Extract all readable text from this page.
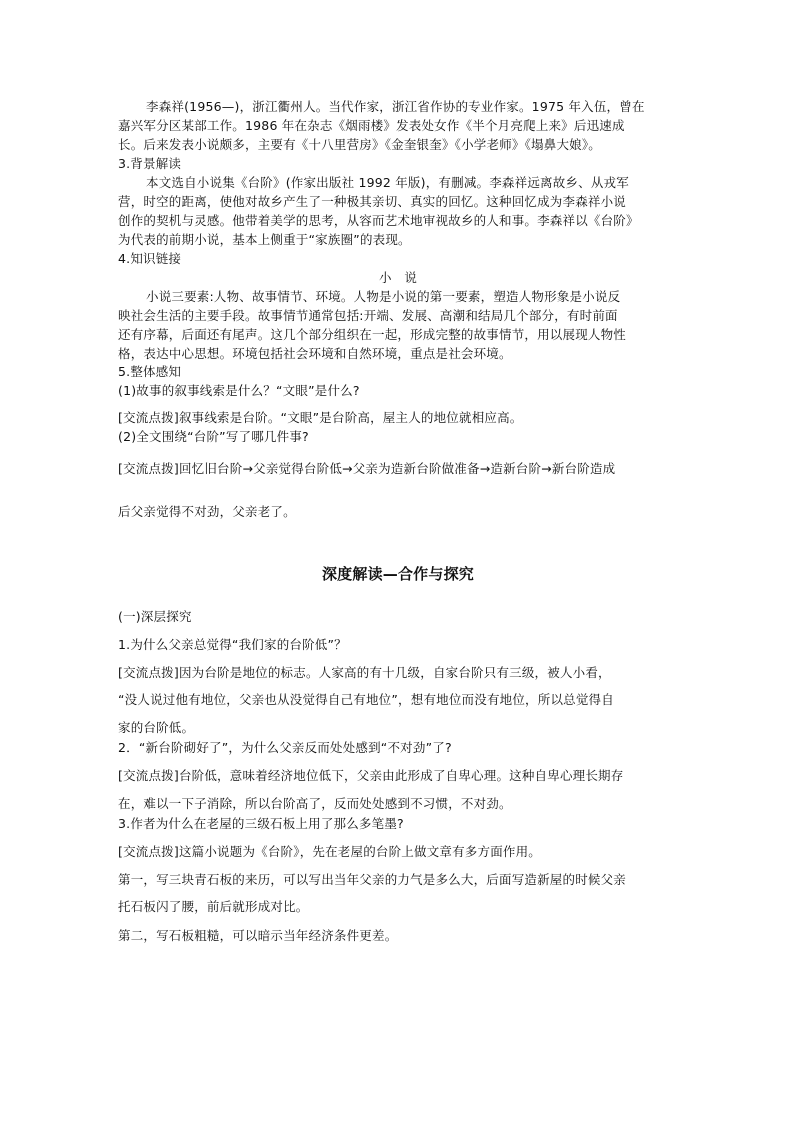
李森祥(1956—)，浙江衢州人。当代作家，浙江省作协的专业作家。1975 年入伍，曾在
嘉兴军分区某部工作。1986 年在杂志《烟雨楼》发表处女作《半个月亮爬上来》后迅速成
长。后来发表小说颇多，主要有《十八里营房》《金奎银奎》《小学老师》《塌鼻大娘》。
3.背景解读
本文选自小说集《台阶》(作家出版社 1992 年版)，有删减。李森祥远离故乡、从戎军
营，时空的距离，使他对故乡产生了一种极其亲切、真实的回忆。这种回忆成为李森祥小说
创作的契机与灵感。他带着美学的思考，从容而艺术地审视故乡的人和事。李森祥以《台阶》
为代表的前期小说，基本上侧重于“家族圈”的表现。
4.知识链接
小　说
小说三要素:人物、故事情节、环境。人物是小说的第一要素，塑造人物形象是小说反
映社会生活的主要手段。故事情节通常包括:开端、发展、高潮和结局几个部分，有时前面
还有序幕，后面还有尾声。这几个部分组织在一起，形成完整的故事情节，用以展现人物性
格，表达中心思想。环境包括社会环境和自然环境，重点是社会环境。
5.整体感知
(1)故事的叙事线索是什么？“文眼”是什么?
[交流点拨]叙事线索是台阶。“文眼”是台阶高，屋主人的地位就相应高。
(2)全文围绕“台阶”写了哪几件事?
[交流点拨]回忆旧台阶→父亲觉得台阶低→父亲为造新台阶做准备→造新台阶→新台阶造成
后父亲觉得不对劲，父亲老了。
深度解读—合作与探究
(一)深层探究
1.为什么父亲总觉得“我们家的台阶低”？
[交流点拨]因为台阶是地位的标志。人家高的有十几级，自家台阶只有三级，被人小看，
“没人说过他有地位，父亲也从没觉得自己有地位”，想有地位而没有地位，所以总觉得自
家的台阶低。
2．“新台阶砌好了”，为什么父亲反而处处感到“不对劲”了?
[交流点拨]台阶低，意味着经济地位低下，父亲由此形成了自卑心理。这种自卑心理长期存
在，难以一下子消除，所以台阶高了，反而处处感到不习惯，不对劲。
3.作者为什么在老屋的三级石板上用了那么多笔墨?
[交流点拨]这篇小说题为《台阶》，先在老屋的台阶上做文章有多方面作用。
第一，写三块青石板的来历，可以写出当年父亲的力气是多么大，后面写造新屋的时候父亲
托石板闪了腰，前后就形成对比。
第二，写石板粗糙，可以暗示当年经济条件更差。
